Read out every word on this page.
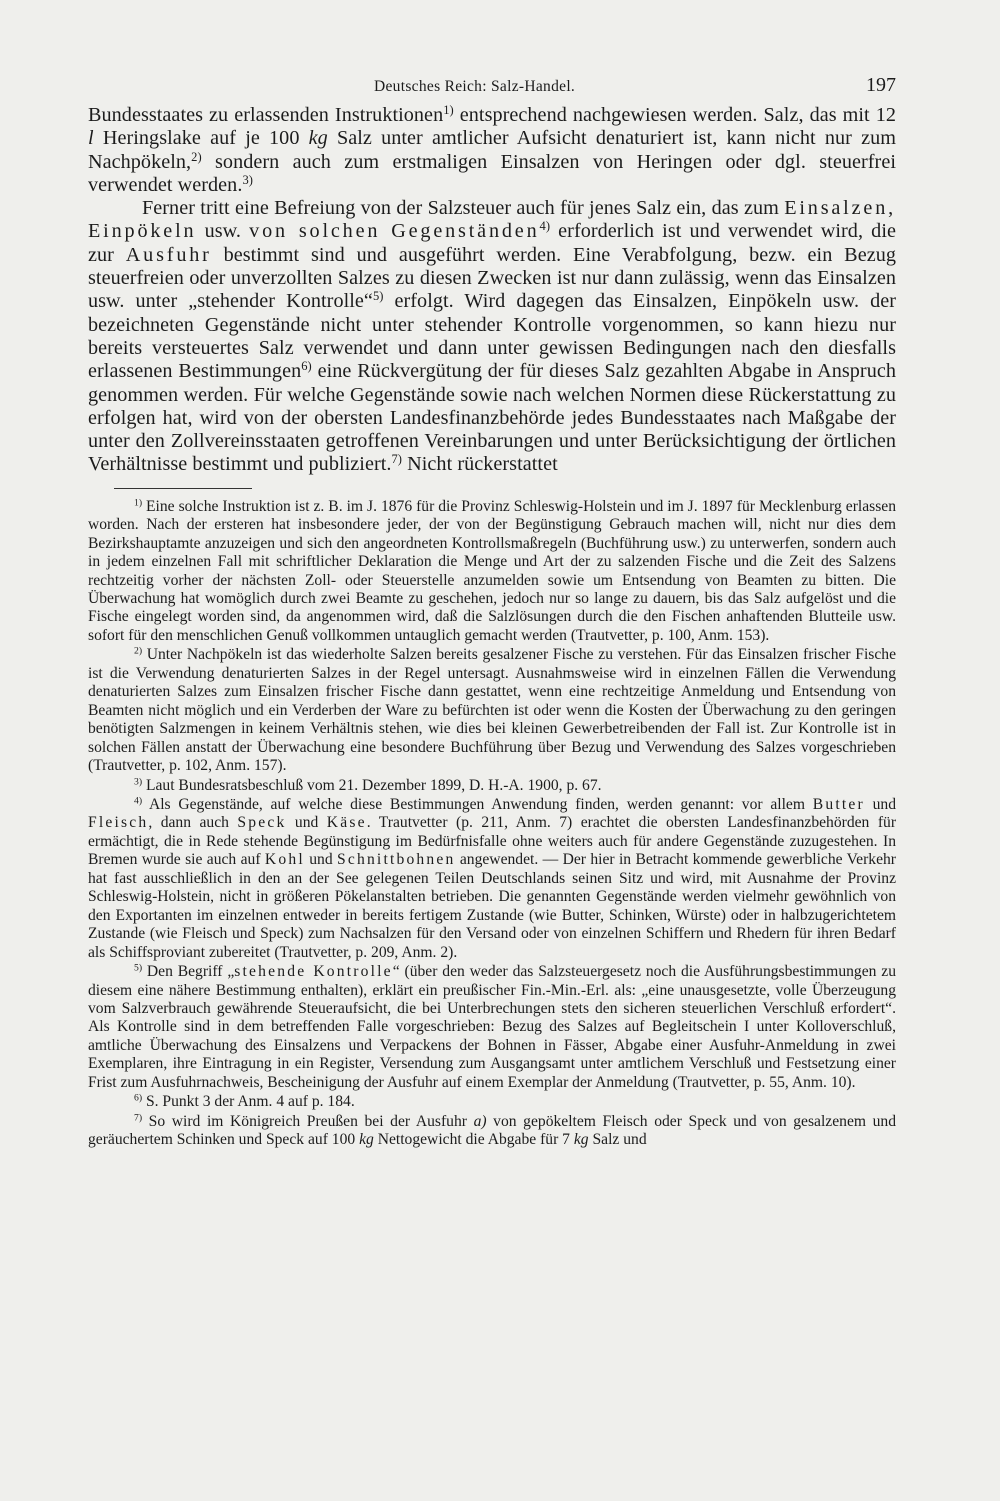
Deutsches Reich: Salz-Handel.	197

Bundesstaates zu erlassenden Instruktionen$^{1)}$ entsprechend nachgewiesen werden. Salz, das mit 12 l Heringslake auf je 100 kg Salz unter amtlicher Aufsicht denaturiert ist, kann nicht nur zum Nachpökeln,$^{2)}$ sondern auch zum erstmaligen Einsalzen von Heringen oder dgl. steuerfrei verwendet werden.$^{3)}$

Ferner tritt eine Befreiung von der Salzsteuer auch für jenes Salz ein, das zum Einsalzen, Einpökeln usw. von solchen Gegenständen$^{4)}$ erforderlich ist und verwendet wird, die zur Ausfuhr bestimmt sind und ausgeführt werden. Eine Verabfolgung, bezw. ein Bezug steuerfreien oder unverzollten Salzes zu diesen Zwecken ist nur dann zulässig, wenn das Einsalzen usw. unter „stehender Kontrolle“$^{5)}$ erfolgt. Wird dagegen das Einsalzen, Einpökeln usw. der bezeichneten Gegenstände nicht unter stehender Kontrolle vorgenommen, so kann hiezu nur bereits versteuertes Salz verwendet und dann unter gewissen Bedingungen nach den diesfalls erlassenen Bestimmungen$^{6)}$ eine Rückvergütung der für dieses Salz gezahlten Abgabe in Anspruch genommen werden. Für welche Gegenstände sowie nach welchen Normen diese Rückerstattung zu erfolgen hat, wird von der obersten Landesfinanzbehörde jedes Bundesstaates nach Maßgabe der unter den Zollvereinsstaaten getroffenen Vereinbarungen und unter Berücksichtigung der örtlichen Verhältnisse bestimmt und publiziert.$^{7)}$ Nicht rückerstattet

$^{1)}$ Eine solche Instruktion ist z. B. im J. 1876 für die Provinz Schleswig-Holstein und im J. 1897 für Mecklenburg erlassen worden. Nach der ersteren hat insbesondere jeder, der von der Begünstigung Gebrauch machen will, nicht nur dies dem Bezirkshauptamte anzuzeigen und sich den angeordneten Kontrollsmaßregeln (Buchführung usw.) zu unterwerfen, sondern auch in jedem einzelnen Fall mit schriftlicher Deklaration die Menge und Art der zu salzenden Fische und die Zeit des Salzens rechtzeitig vorher der nächsten Zoll- oder Steuerstelle anzumelden sowie um Entsendung von Beamten zu bitten. Die Überwachung hat womöglich durch zwei Beamte zu geschehen, jedoch nur so lange zu dauern, bis das Salz aufgelöst und die Fische eingelegt worden sind, da angenommen wird, daß die Salzlösungen durch die den Fischen anhaftenden Blutteile usw. sofort für den menschlichen Genuß vollkommen untauglich gemacht werden (Trautvetter, p. 100, Anm. 153).

$^{2)}$ Unter Nachpökeln ist das wiederholte Salzen bereits gesalzener Fische zu verstehen. Für das Einsalzen frischer Fische ist die Verwendung denaturierten Salzes in der Regel untersagt. Ausnahmsweise wird in einzelnen Fällen die Verwendung denaturierten Salzes zum Einsalzen frischer Fische dann gestattet, wenn eine rechtzeitige Anmeldung und Entsendung von Beamten nicht möglich und ein Verderben der Ware zu befürchten ist oder wenn die Kosten der Überwachung zu den geringen benötigten Salzmengen in keinem Verhältnis stehen, wie dies bei kleinen Gewerbetreibenden der Fall ist. Zur Kontrolle ist in solchen Fällen anstatt der Überwachung eine besondere Buchführung über Bezug und Verwendung des Salzes vorgeschrieben (Trautvetter, p. 102, Anm. 157).

$^{3)}$ Laut Bundesratsbeschluß vom 21. Dezember 1899, D. H.-A. 1900, p. 67.

$^{4)}$ Als Gegenstände, auf welche diese Bestimmungen Anwendung finden, werden genannt: vor allem Butter und Fleisch, dann auch Speck und Käse. Trautvetter (p. 211, Anm. 7) erachtet die obersten Landesfinanzbehörden für ermächtigt, die in Rede stehende Begünstigung im Bedürfnisfalle ohne weiters auch für andere Gegenstände zuzugestehen. In Bremen wurde sie auch auf Kohl und Schnittbohnen angewendet. — Der hier in Betracht kommende gewerbliche Verkehr hat fast ausschließlich in den an der See gelegenen Teilen Deutschlands seinen Sitz und wird, mit Ausnahme der Provinz Schleswig-Holstein, nicht in größeren Pökelanstalten betrieben. Die genannten Gegenstände werden vielmehr gewöhnlich von den Exportanten im einzelnen entweder in bereits fertigem Zustande (wie Butter, Schinken, Würste) oder in halbzugerichtetem Zustande (wie Fleisch und Speck) zum Nachsalzen für den Versand oder von einzelnen Schiffern und Rhedern für ihren Bedarf als Schiffsproviant zubereitet (Trautvetter, p. 209, Anm. 2).

$^{5)}$ Den Begriff „stehende Kontrolle“ (über den weder das Salzsteuergesetz noch die Ausführungsbestimmungen zu diesem eine nähere Bestimmung enthalten), erklärt ein preußischer Fin.-Min.-Erl. als: „eine unausgesetzte, volle Überzeugung vom Salzverbrauch gewährende Steueraufsicht, die bei Unterbrechungen stets den sicheren steuerlichen Verschluß erfordert“. Als Kontrolle sind in dem betreffenden Falle vorgeschrieben: Bezug des Salzes auf Begleitschein I unter Kolloverschluß, amtliche Überwachung des Einsalzens und Verpackens der Bohnen in Fässer, Abgabe einer Ausfuhr-Anmeldung in zwei Exemplaren, ihre Eintragung in ein Register, Versendung zum Ausgangsamt unter amtlichem Verschluß und Festsetzung einer Frist zum Ausfuhrnachweis, Bescheinigung der Ausfuhr auf einem Exemplar der Anmeldung (Trautvetter, p. 55, Anm. 10).

$^{6)}$ S. Punkt 3 der Anm. 4 auf p. 184.

$^{7)}$ So wird im Königreich Preußen bei der Ausfuhr a) von gepökeltem Fleisch oder Speck und von gesalzenem und geräuchertem Schinken und Speck auf 100 kg Nettogewicht die Abgabe für 7 kg Salz und
